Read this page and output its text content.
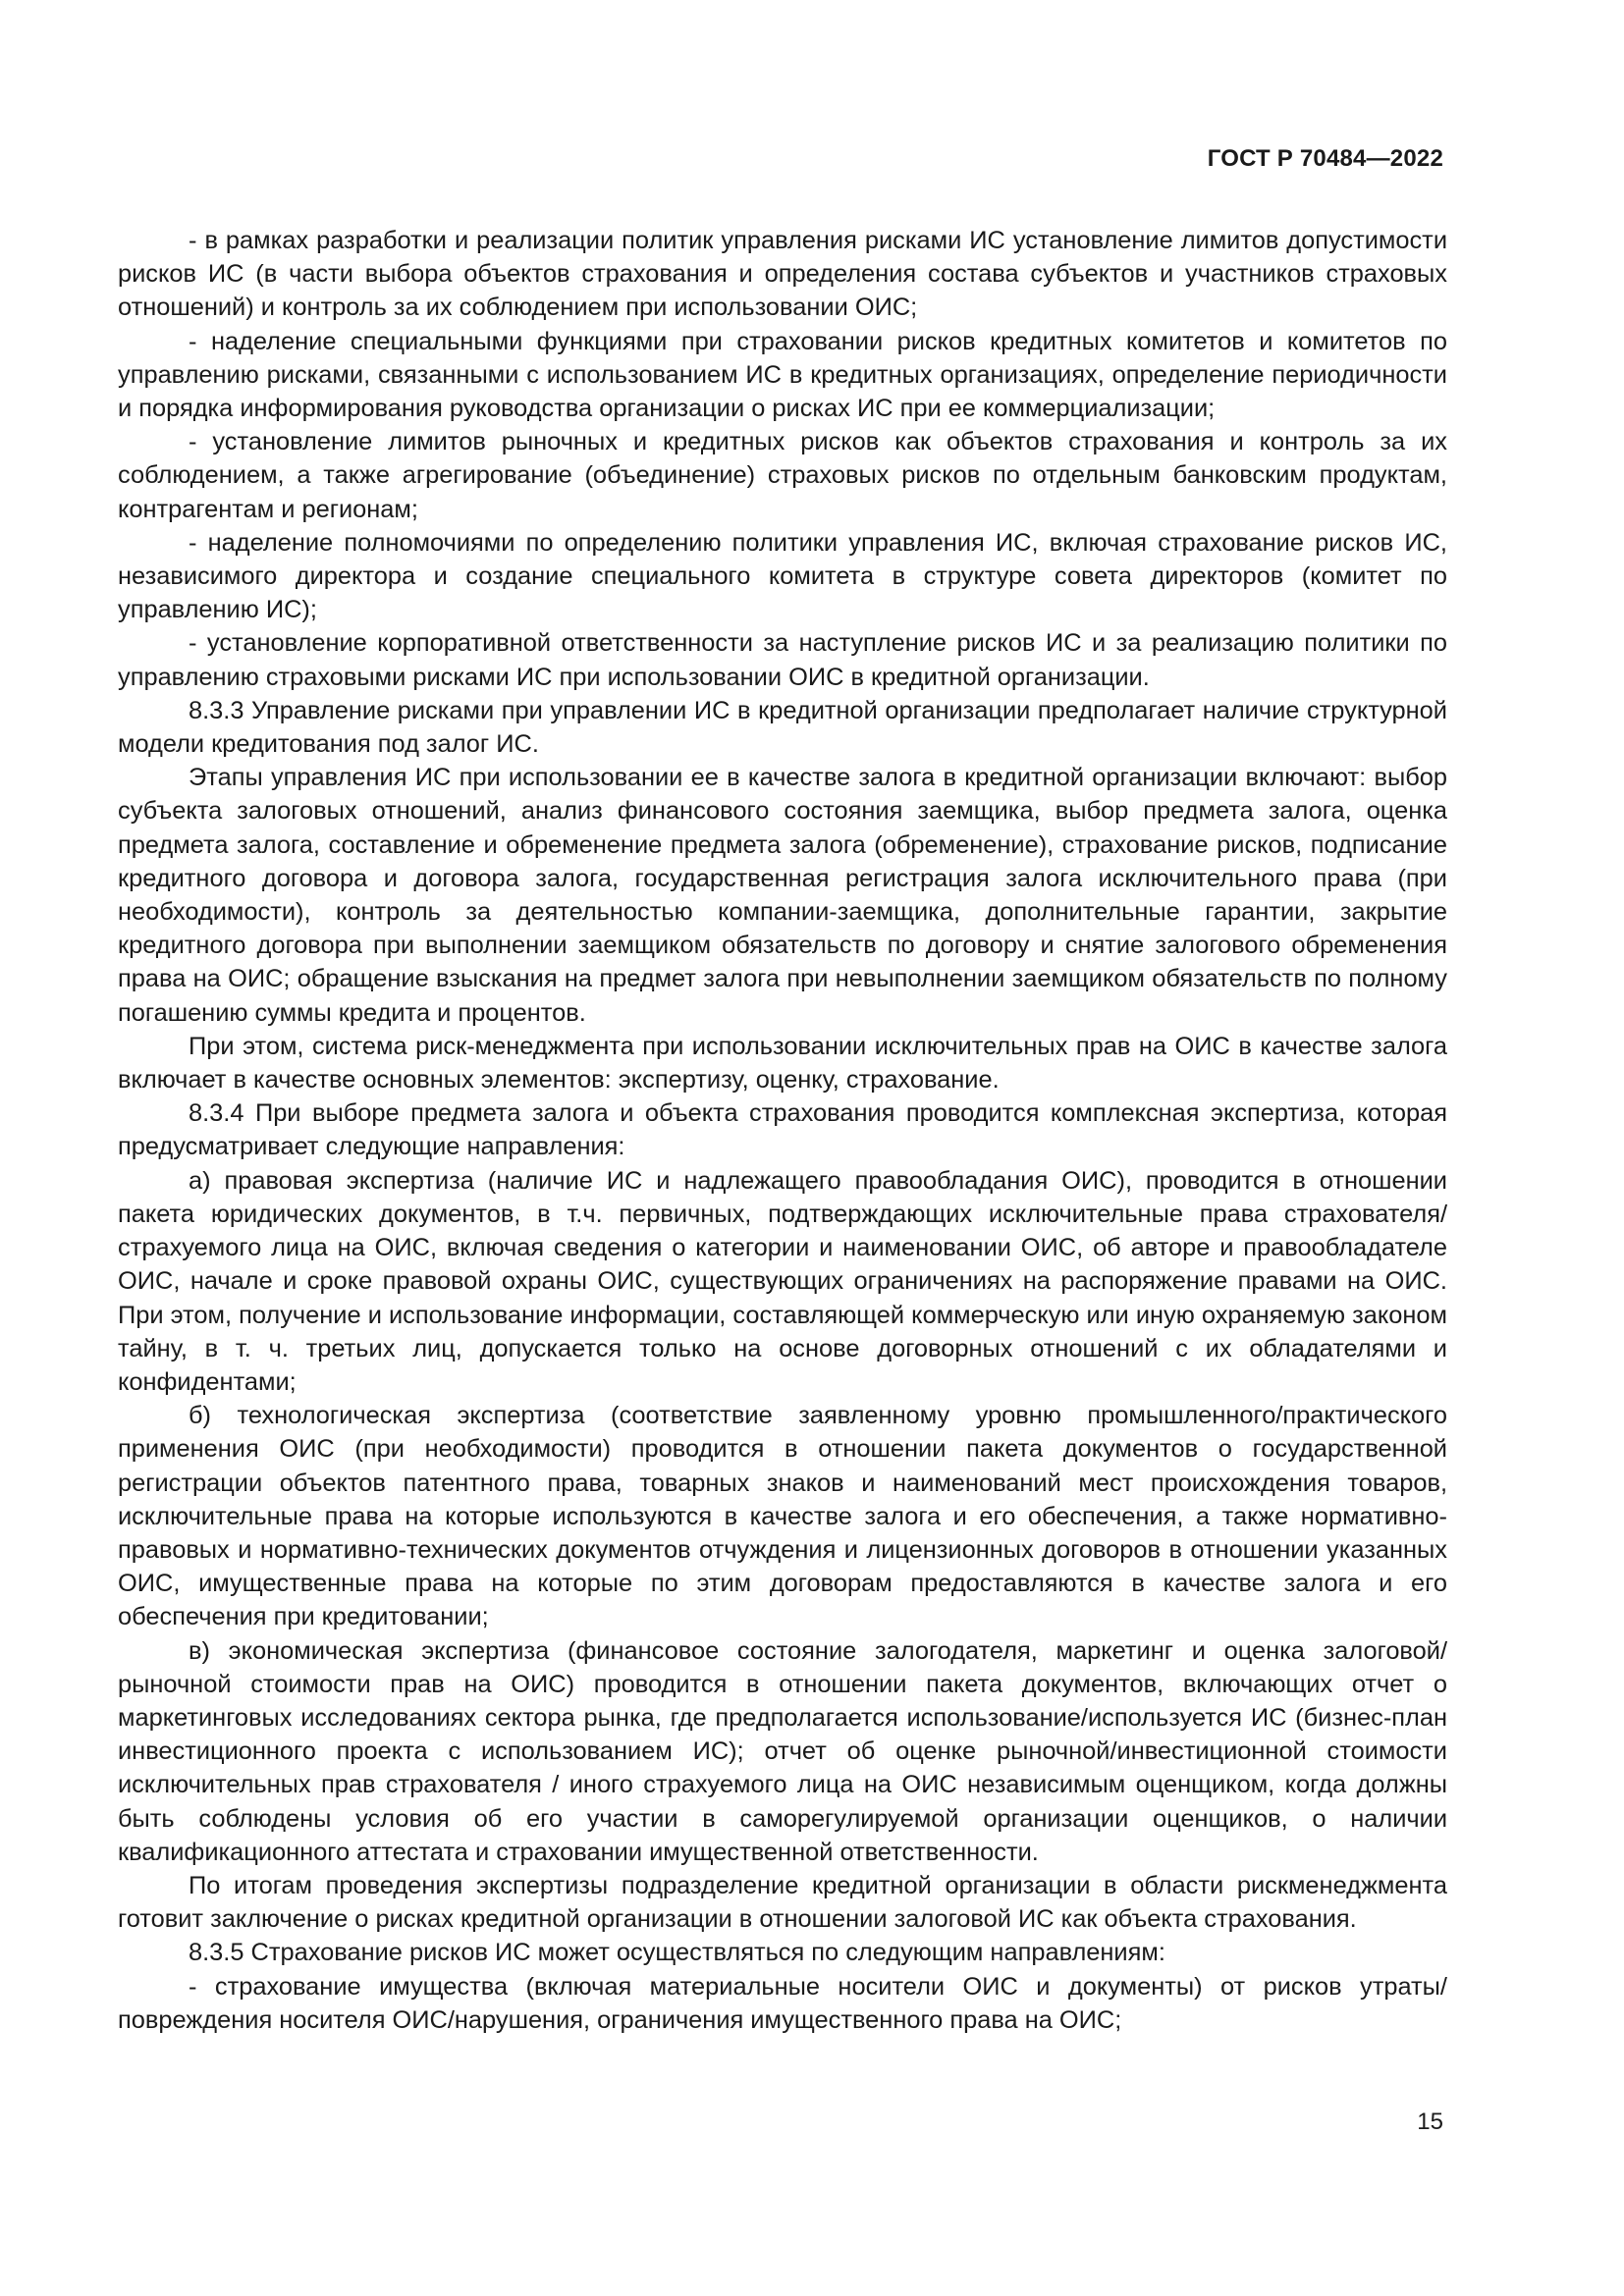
ГОСТ Р 70484—2022

- в рамках разработки и реализации политик управления рисками ИС установление лимитов допустимости рисков ИС (в части выбора объектов страхования и определения состава субъектов и участников страховых отношений) и контроль за их соблюдением при использовании ОИС;

- наделение специальными функциями при страховании рисков кредитных комитетов и комитетов по управлению рисками, связанными с использованием ИС в кредитных организациях, определение периодичности и порядка информирования руководства организации о рисках ИС при ее коммерциализации;

- установление лимитов рыночных и кредитных рисков как объектов страхования и контроль за их соблюдением, а также агрегирование (объединение) страховых рисков по отдельным банковским продуктам, контрагентам и регионам;

- наделение полномочиями по определению политики управления ИС, включая страхование рисков ИС, независимого директора и создание специального комитета в структуре совета директоров (комитет по управлению ИС);

- установление корпоративной ответственности за наступление рисков ИС и за реализацию политики по управлению страховыми рисками ИС при использовании ОИС в кредитной организации.

8.3.3 Управление рисками при управлении ИС в кредитной организации предполагает наличие структурной модели кредитования под залог ИС.

Этапы управления ИС при использовании ее в качестве залога в кредитной организации включают: выбор субъекта залоговых отношений, анализ финансового состояния заемщика, выбор предмета залога, оценка предмета залога, составление и обременение предмета залога (обременение), страхование рисков, подписание кредитного договора и договора залога, государственная регистрация залога исключительного права (при необходимости), контроль за деятельностью компании-заемщика, дополнительные гарантии, закрытие кредитного договора при выполнении заемщиком обязательств по договору и снятие залогового обременения права на ОИС; обращение взыскания на предмет залога при невыполнении заемщиком обязательств по полному погашению суммы кредита и процентов.

При этом, система риск-менеджмента при использовании исключительных прав на ОИС в качестве залога включает в качестве основных элементов: экспертизу, оценку, страхование.

8.3.4 При выборе предмета залога и объекта страхования проводится комплексная экспертиза, которая предусматривает следующие направления:

а) правовая экспертиза (наличие ИС и надлежащего правообладания ОИС), проводится в отношении пакета юридических документов, в т.ч. первичных, подтверждающих исключительные права страхователя/страхуемого лица на ОИС, включая сведения о категории и наименовании ОИС, об авторе и правообладателе ОИС, начале и сроке правовой охраны ОИС, существующих ограничениях на распоряжение правами на ОИС. При этом, получение и использование информации, составляющей коммерческую или иную охраняемую законом тайну, в т. ч. третьих лиц, допускается только на основе договорных отношений с их обладателями и конфидентами;

б) технологическая экспертиза (соответствие заявленному уровню промышленного/практического применения ОИС (при необходимости) проводится в отношении пакета документов о государственной регистрации объектов патентного права, товарных знаков и наименований мест происхождения товаров, исключительные права на которые используются в качестве залога и его обеспечения, а также нормативно-правовых и нормативно-технических документов отчуждения и лицензионных договоров в отношении указанных ОИС, имущественные права на которые по этим договорам предоставляются в качестве залога и его обеспечения при кредитовании;

в) экономическая экспертиза (финансовое состояние залогодателя, маркетинг и оценка залоговой/рыночной стоимости прав на ОИС) проводится в отношении пакета документов, включающих отчет о маркетинговых исследованиях сектора рынка, где предполагается использование/используется ИС (бизнес-план инвестиционного проекта с использованием ИС); отчет об оценке рыночной/инвестиционной стоимости исключительных прав страхователя / иного страхуемого лица на ОИС независимым оценщиком, когда должны быть соблюдены условия об его участии в саморегулируемой организации оценщиков, о наличии квалификационного аттестата и страховании имущественной ответственности.

По итогам проведения экспертизы подразделение кредитной организации в области рискменеджмента готовит заключение о рисках кредитной организации в отношении залоговой ИС как объекта страхования.

8.3.5 Страхование рисков ИС может осуществляться по следующим направлениям:

- страхование имущества (включая материальные носители ОИС и документы) от рисков утраты/ повреждения носителя ОИС/нарушения, ограничения имущественного права на ОИС;

15
